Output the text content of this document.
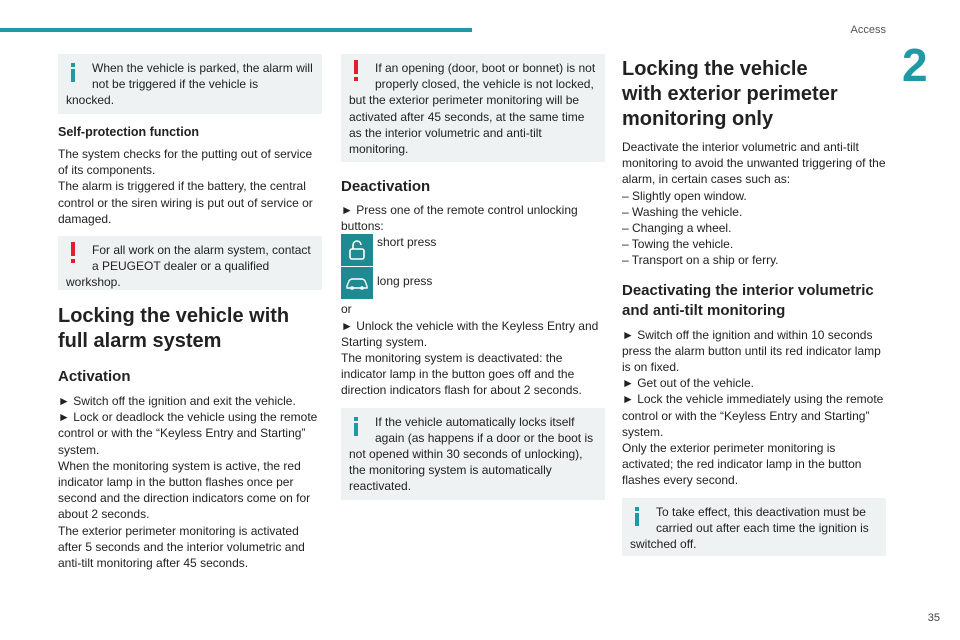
Access
2
35
When the vehicle is parked, the alarm will not be triggered if the vehicle is
knocked.
Self-protection function

The system checks for the putting out of service of its components.

The alarm is triggered if the battery, the central control or the siren wiring is put out of service or damaged.

For all work on the alarm system, contact a PEUGEOT dealer or a qualified
workshop.
Locking the vehicle with full alarm system
Activation

► Switch off the ignition and exit the vehicle.

► Lock or deadlock the vehicle using the remote control or with the “Keyless Entry and Starting” system.

When the monitoring system is active, the red indicator lamp in the button flashes once per second and the direction indicators come on for about 2 seconds.

The exterior perimeter monitoring is activated after 5 seconds and the interior volumetric and anti-tilt monitoring after 45 seconds.

If an opening (door, boot or bonnet) is not properly closed, the vehicle is not locked,
but the exterior perimeter monitoring will be activated after 45 seconds, at the same time as the interior volumetric and anti-tilt monitoring.
Deactivation

► Press one of the remote control unlocking buttons:

short press
long press

or

► Unlock the vehicle with the Keyless Entry and Starting system.

The monitoring system is deactivated: the indicator lamp in the button goes off and the direction indicators flash for about 2 seconds.

If the vehicle automatically locks itself again (as happens if a door or the boot is
not opened within 30 seconds of unlocking), the monitoring system is automatically reactivated.
Locking the vehicle with exterior perimeter monitoring only

Deactivate the interior volumetric and anti-tilt monitoring to avoid the unwanted triggering of the alarm, in certain cases such as:

– Slightly open window.

– Washing the vehicle.

– Changing a wheel.

– Towing the vehicle.

– Transport on a ship or ferry.

Deactivating the interior volumetric and anti-tilt monitoring

► Switch off the ignition and within 10 seconds press the alarm button until its red indicator lamp is on fixed.

► Get out of the vehicle.

► Lock the vehicle immediately using the remote control or with the “Keyless Entry and Starting” system.

Only the exterior perimeter monitoring is activated; the red indicator lamp in the button flashes every second.

To take effect, this deactivation must be carried out after each time the ignition is
switched off.
